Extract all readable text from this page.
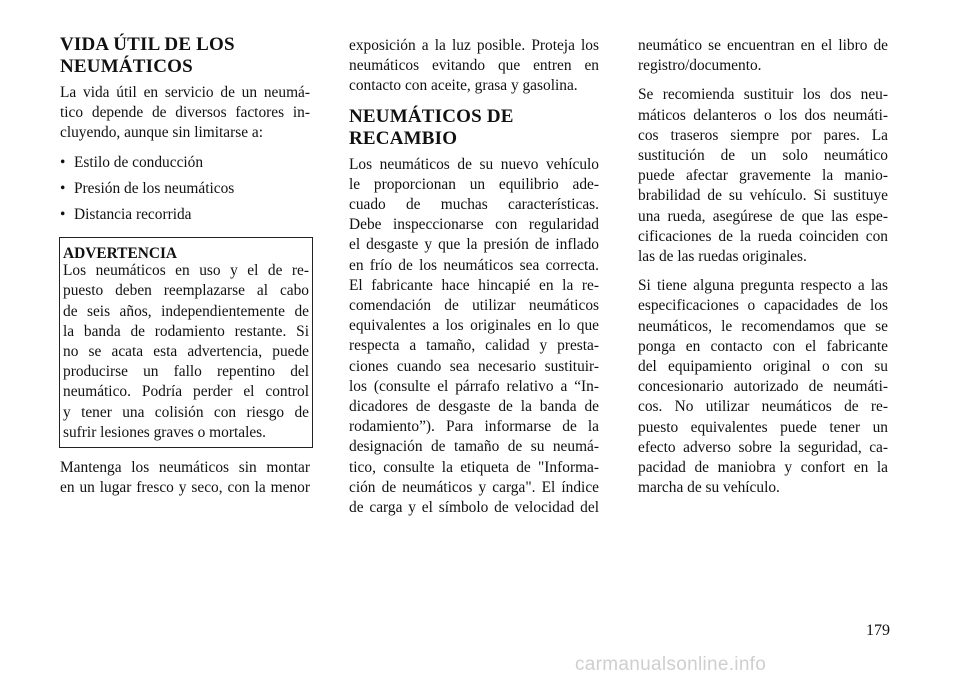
VIDA ÚTIL DE LOS
NEUMÁTICOS

La vida útil en servicio de un neumá-
tico depende de diversos factores in-
cluyendo, aunque sin limitarse a:

• Estilo de conducción
• Presión de los neumáticos
• Distancia recorrida
ADVERTENCIA

Los neumáticos en uso y el de re-
puesto deben reemplazarse al cabo
de seis años, independientemente de
la banda de rodamiento restante. Si
no se acata esta advertencia, puede
producirse un fallo repentino del
neumático. Podría perder el control
y tener una colisión con riesgo de
sufrir lesiones graves o mortales.

Mantenga los neumáticos sin montar
en un lugar fresco y seco, con la menor

exposición a la luz posible. Proteja los
neumáticos evitando que entren en
contacto con aceite, grasa y gasolina.

NEUMÁTICOS DE
RECAMBIO

Los neumáticos de su nuevo vehículo
le proporcionan un equilibrio ade-
cuado de muchas características.
Debe inspeccionarse con regularidad
el desgaste y que la presión de inflado
en frío de los neumáticos sea correcta.
El fabricante hace hincapié en la re-
comendación de utilizar neumáticos
equivalentes a los originales en lo que
respecta a tamaño, calidad y presta-
ciones cuando sea necesario sustituir-
los (consulte el párrafo relativo a “In-
dicadores de desgaste de la banda de
rodamiento”). Para informarse de la
designación de tamaño de su neumá-
tico, consulte la etiqueta de "Informa-
ción de neumáticos y carga". El índice
de carga y el símbolo de velocidad del

neumático se encuentran en el libro de
registro/documento.

Se recomienda sustituir los dos neu-
máticos delanteros o los dos neumáti-
cos traseros siempre por pares. La
sustitución de un solo neumático
puede afectar gravemente la manio-
brabilidad de su vehículo. Si sustituye
una rueda, asegúrese de que las espe-
cificaciones de la rueda coinciden con
las de las ruedas originales.

Si tiene alguna pregunta respecto a las
especificaciones o capacidades de los
neumáticos, le recomendamos que se
ponga en contacto con el fabricante
del equipamiento original o con su
concesionario autorizado de neumáti-
cos. No utilizar neumáticos de re-
puesto equivalentes puede tener un
efecto adverso sobre la seguridad, ca-
pacidad de maniobra y confort en la
marcha de su vehículo.

179
carmanualsonline.info
